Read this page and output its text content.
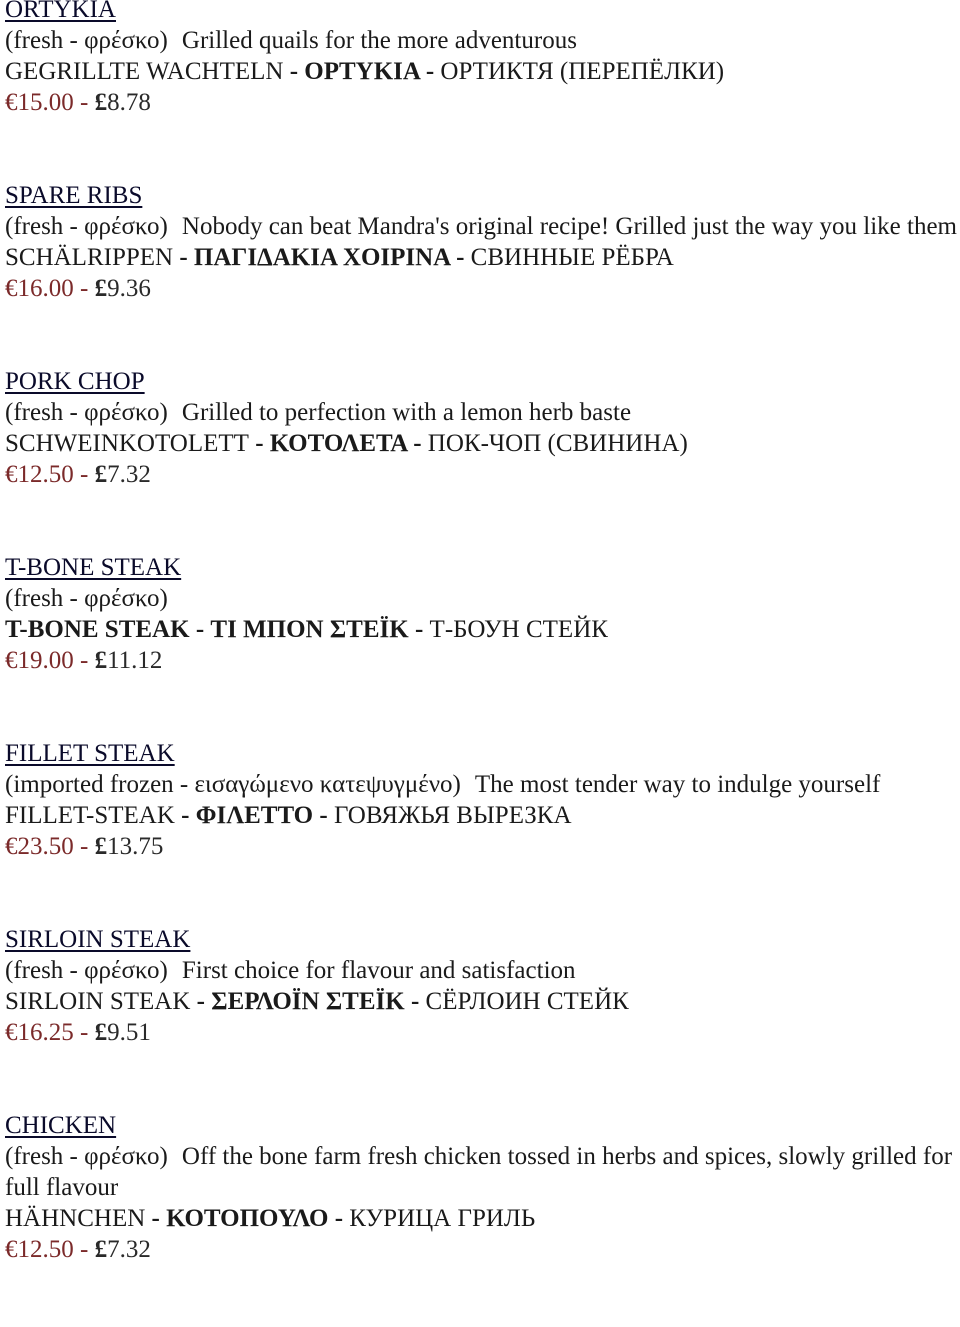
ORTYKIA
(fresh - φρέσκο) Grilled quails for the more adventurous
GEGRILLTE WACHTELN - ΟΡΤΥΚΙΑ - ОРТИКТЯ (ПЕРЕПЁЛКИ)
€15.00 - £8.78
SPARE RIBS
(fresh - φρέσκο) Nobody can beat Mandra's original recipe! Grilled just the way you like them
SCHÄLRIPPEN - ΠΑΓΙΔΑΚΙΑ ΧΟΙΡΙΝΑ - СВИННЫЕ РЁБРА
€16.00 - £9.36
PORK CHOP
(fresh - φρέσκο) Grilled to perfection with a lemon herb baste
SCHWEINKOTOLETT - ΚΟΤΟΛΕΤΑ - ПОК-ЧОП (СВИНИНА)
€12.50 - £7.32
T-BONE STEAK
(fresh - φρέσκο)
T-BONE STEAK - ΤΙ ΜΠΟΝ ΣΤΕΪΚ - Т-БОУН СТЕЙК
€19.00 - £11.12
FILLET STEAK
(imported frozen - εισαγώμενο κατεψυγμένο) The most tender way to indulge yourself
FILLET-STEAK - ΦΙΛΕΤΤΟ - ГОВЯЖЬЯ ВЫРЕЗКА
€23.50 - £13.75
SIRLOIN STEAK
(fresh - φρέσκο) First choice for flavour and satisfaction
SIRLOIN STEAK - ΣΕΡΛΟΪΝ ΣΤΕΪΚ - СЁРЛОИН СТЕЙК
€16.25 - £9.51
CHICKEN
(fresh - φρέσκο) Off the bone farm fresh chicken tossed in herbs and spices, slowly grilled for full flavour
HÄHNCHEN - ΚΟΤΟΠΟΥΛΟ - КУРИЦА ГРИЛЬ
€12.50 - £7.32
